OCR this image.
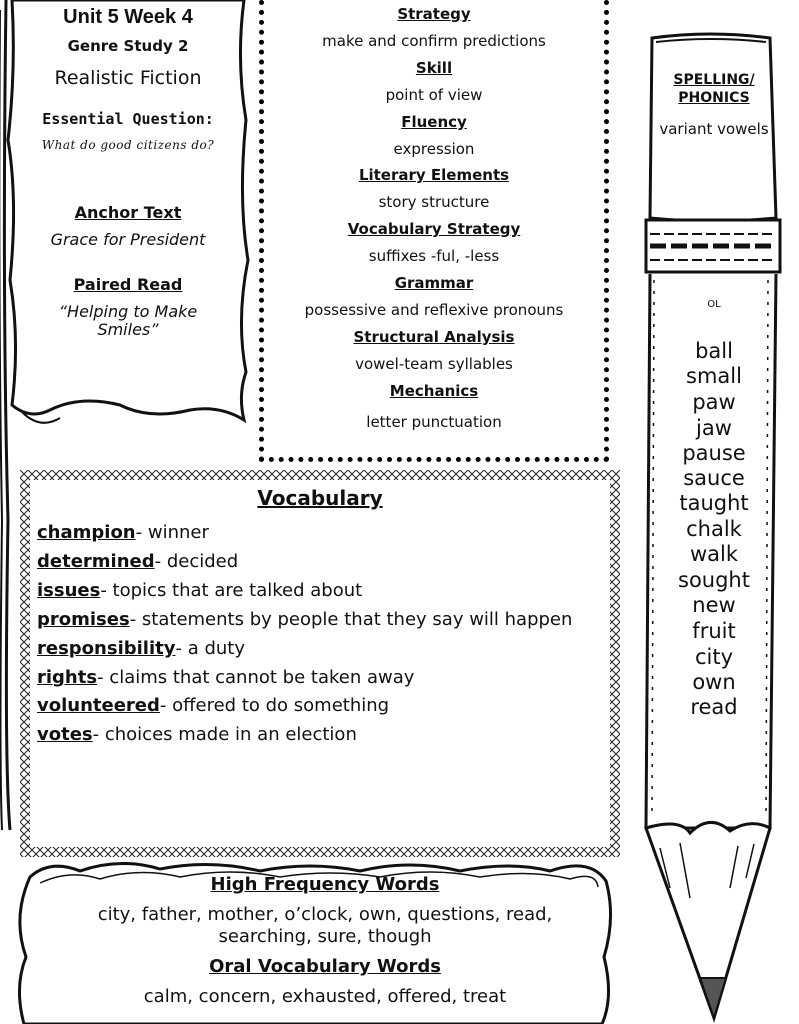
Unit 5 Week 4
Genre Study 2
Realistic Fiction
Essential Question:
What do good citizens do?
Anchor Text
Grace for President
Paired Read
“Helping to Make Smiles”
Strategy
make and confirm predictions
Skill
point of view
Fluency
expression
Literary Elements
story structure
Vocabulary Strategy
suffixes -ful, -less
Grammar
possessive and reflexive pronouns
Structural Analysis
vowel-team syllables
Mechanics
letter punctuation
Vocabulary
champion- winner
determined- decided
issues- topics that are talked about
promises- statements by people that they say will happen
responsibility- a duty
rights- claims that cannot be taken away
volunteered- offered to do something
votes- choices made in an election
SPELLING/ PHONICS
variant vowels
OL
ball
small
paw
jaw
pause
sauce
taught
chalk
walk
sought
new
fruit
city
own
read
High Frequency Words
city, father, mother, o’clock, own, questions, read, searching, sure, though
Oral Vocabulary Words
calm, concern, exhausted, offered, treat
